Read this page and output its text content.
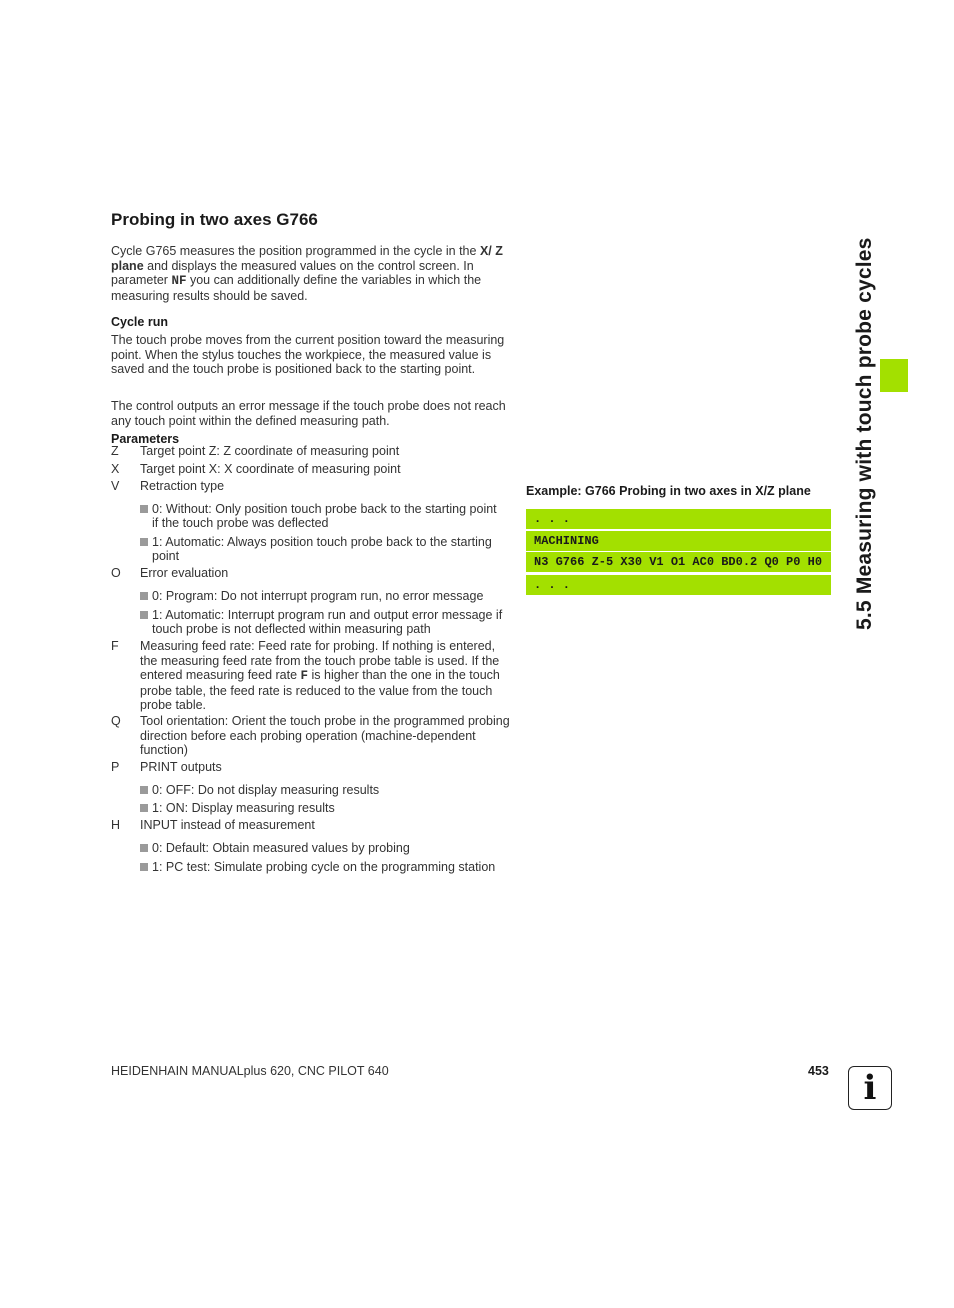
Probing in two axes G766
Cycle G765 measures the position programmed in the cycle in the X/ Z plane and displays the measured values on the control screen. In parameter NF you can additionally define the variables in which the measuring results should be saved.
Cycle run
The touch probe moves from the current position toward the measuring point. When the stylus touches the workpiece, the measured value is saved and the touch probe is positioned back to the starting point.
The control outputs an error message if the touch probe does not reach any touch point within the defined measuring path.
Parameters
Z	Target point Z: Z coordinate of measuring point
X	Target point X: X coordinate of measuring point
V	Retraction type
0: Without: Only position touch probe back to the starting point if the touch probe was deflected
1: Automatic: Always position touch probe back to the starting point
O	Error evaluation
0: Program: Do not interrupt program run, no error message
1: Automatic: Interrupt program run and output error message if touch probe is not deflected within measuring path
F	Measuring feed rate: Feed rate for probing. If nothing is entered, the measuring feed rate from the touch probe table is used. If the entered measuring feed rate F is higher than the one in the touch probe table, the feed rate is reduced to the value from the touch probe table.
Q	Tool orientation: Orient the touch probe in the programmed probing direction before each probing operation (machine-dependent function)
P	PRINT outputs
0: OFF: Do not display measuring results
1: ON: Display measuring results
H	INPUT instead of measurement
0: Default: Obtain measured values by probing
1: PC test: Simulate probing cycle on the programming station
Example: G766 Probing in two axes in X/Z plane
. . .
MACHINING
N3 G766 Z-5 X30 V1 O1 AC0 BD0.2 Q0 P0 H0
. . .	5.5 Measuring with touch probe cycles
HEIDENHAIN MANUALplus 620, CNC PILOT 640	453	i
